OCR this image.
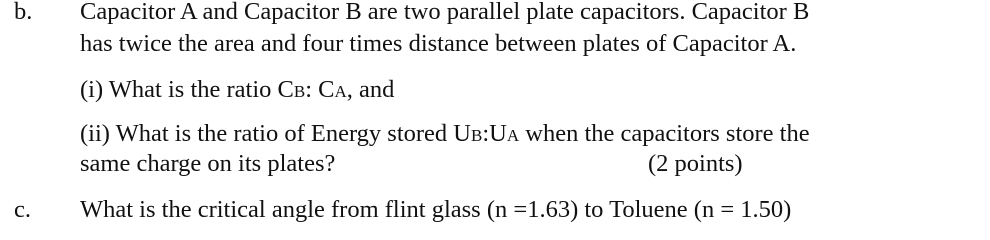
b. Capacitor A and Capacitor B are two parallel plate capacitors. Capacitor B
has twice the area and four times distance between plates of Capacitor A.
(i) What is the ratio CB: CA, and
(ii) What is the ratio of Energy stored UB:UA when the capacitors store the
same charge on its plates?	(2 points)
c. What is the critical angle from flint glass (n =1.63) to Toluene (n = 1.50)
